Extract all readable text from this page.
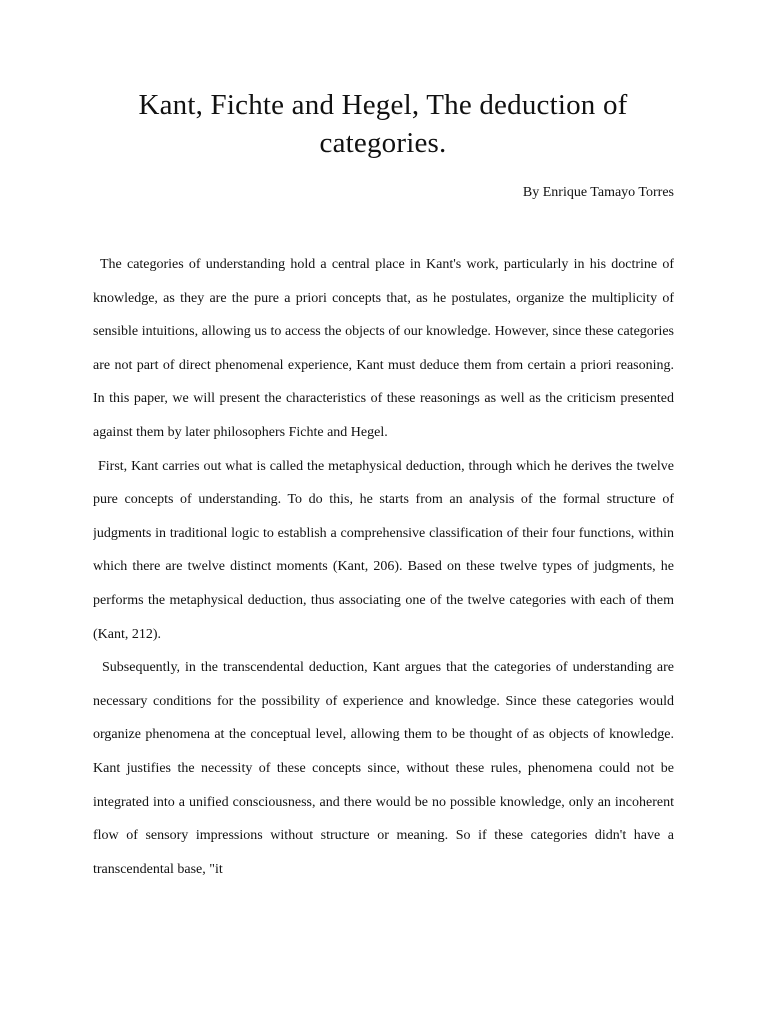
Kant, Fichte and Hegel, The deduction of categories.

By Enrique Tamayo Torres

The categories of understanding hold a central place in Kant's work, particularly in his doctrine of knowledge, as they are the pure a priori concepts that, as he postulates, organize the multiplicity of sensible intuitions, allowing us to access the objects of our knowledge. However, since these categories are not part of direct phenomenal experience, Kant must deduce them from certain a priori reasoning. In this paper, we will present the characteristics of these reasonings as well as the criticism presented against them by later philosophers Fichte and Hegel.

First, Kant carries out what is called the metaphysical deduction, through which he derives the twelve pure concepts of understanding. To do this, he starts from an analysis of the formal structure of judgments in traditional logic to establish a comprehensive classification of their four functions, within which there are twelve distinct moments (Kant, 206). Based on these twelve types of judgments, he performs the metaphysical deduction, thus associating one of the twelve categories with each of them (Kant, 212).

Subsequently, in the transcendental deduction, Kant argues that the categories of understanding are necessary conditions for the possibility of experience and knowledge. Since these categories would organize phenomena at the conceptual level, allowing them to be thought of as objects of knowledge. Kant justifies the necessity of these concepts since, without these rules, phenomena could not be integrated into a unified consciousness, and there would be no possible knowledge, only an incoherent flow of sensory impressions without structure or meaning. So if these categories didn't have a transcendental base, "it
